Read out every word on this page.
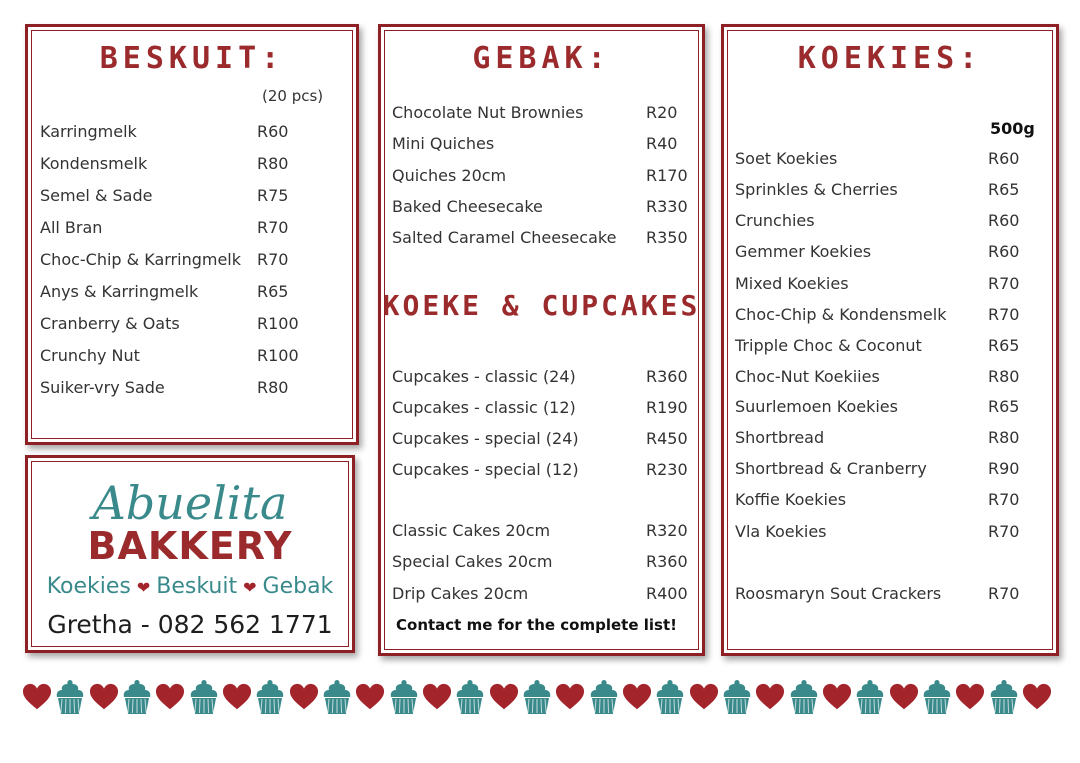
BESKUIT:
(20 pcs)
Karringmelk	R60
Kondensmelk	R80
Semel & Sade	R75
All Bran	R70
Choc-Chip & Karringmelk R70
Anys & Karringmelk	R65
Cranberry & Oats	R100
Crunchy Nut	R100
Suiker-vry Sade	R80
Abuelita
BAKKERY
Koekies ❤ Beskuit ❤ Gebak
Gretha - 082 562 1771
GEBAK:
Chocolate Nut Brownies	R20
Mini Quiches	R40
Quiches 20cm	R170
Baked Cheesecake	R330
Salted Caramel Cheesecake R350
KOEKE & CUPCAKES
Cupcakes - classic (24)	R360
Cupcakes - classic (12)	R190
Cupcakes - special (24)	R450
Cupcakes - special (12)	R230
Classic Cakes 20cm	R320
Special Cakes 20cm	R360
Drip Cakes 20cm	R400
Contact me for the complete list!
KOEKIES:
500g
Soet Koekies	R60
Sprinkles & Cherries	R65
Crunchies	R60
Gemmer Koekies	R60
Mixed Koekies	R70
Choc-Chip & Kondensmelk	R70
Tripple Choc & Coconut	R65
Choc-Nut Koekiies	R80
Suurlemoen Koekies	R65
Shortbread	R80
Shortbread & Cranberry	R90
Koffie Koekies	R70
Vla Koekies	R70
Roosmaryn Sout Crackers	R70
